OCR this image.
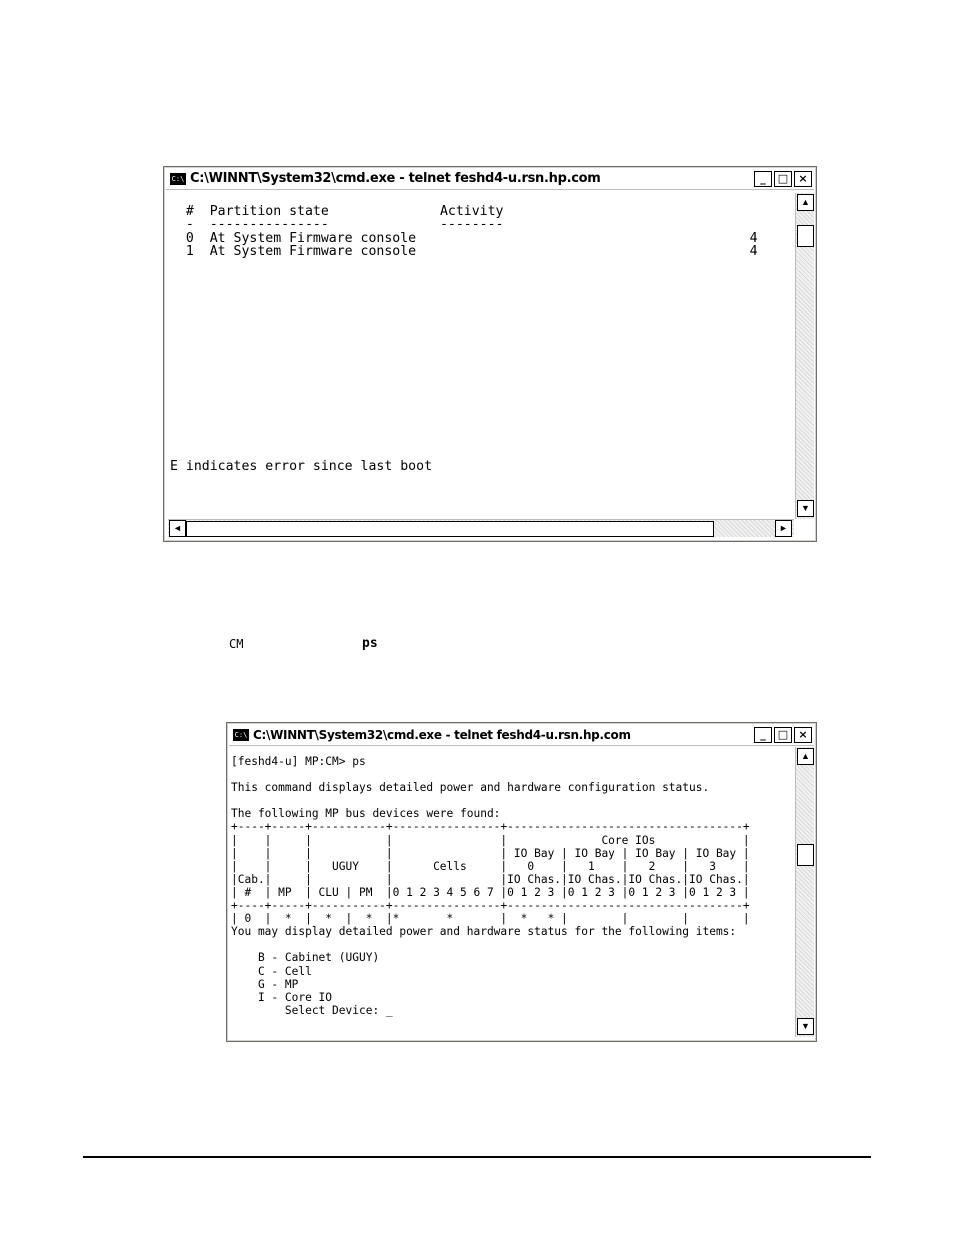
C:\ C:\WINNT\System32\cmd.exe - telnet feshd4-u.rsn.hp.com	_	□ ×
#  Partition state              Activity
-  ---------------              --------
0  At System Firmware console                                          4
1  At System Firmware console                                          4

E indicates error since last boot
▲
▼
◄	►
CM	ps
C:\ C:\WINNT\System32\cmd.exe - telnet feshd4-u.rsn.hp.com	_	□ ×
[feshd4-u] MP:CM> ps

This command displays detailed power and hardware configuration status.

The following MP bus devices were found:
+----+-----+-----------+----------------+-----------------------------------+
|    |     |           |                |              Core IOs             |
|    |     |           |                | IO Bay | IO Bay | IO Bay | IO Bay |
|    |     |   UGUY    |      Cells     |   0    |   1    |   2    |   3    |
|Cab.|     |           |                |IO Chas.|IO Chas.|IO Chas.|IO Chas.|
| #  | MP  | CLU | PM  |0 1 2 3 4 5 6 7 |0 1 2 3 |0 1 2 3 |0 1 2 3 |0 1 2 3 |
+----+-----+-----------+----------------+-----------------------------------+
| 0  |  *  |  *  |  *  |*       *       |  *   * |        |        |        |
You may display detailed power and hardware status for the following items:

B - Cabinet (UGUY)
C - Cell
G - MP
I - Core IO
Select Device: _
▲
▼
